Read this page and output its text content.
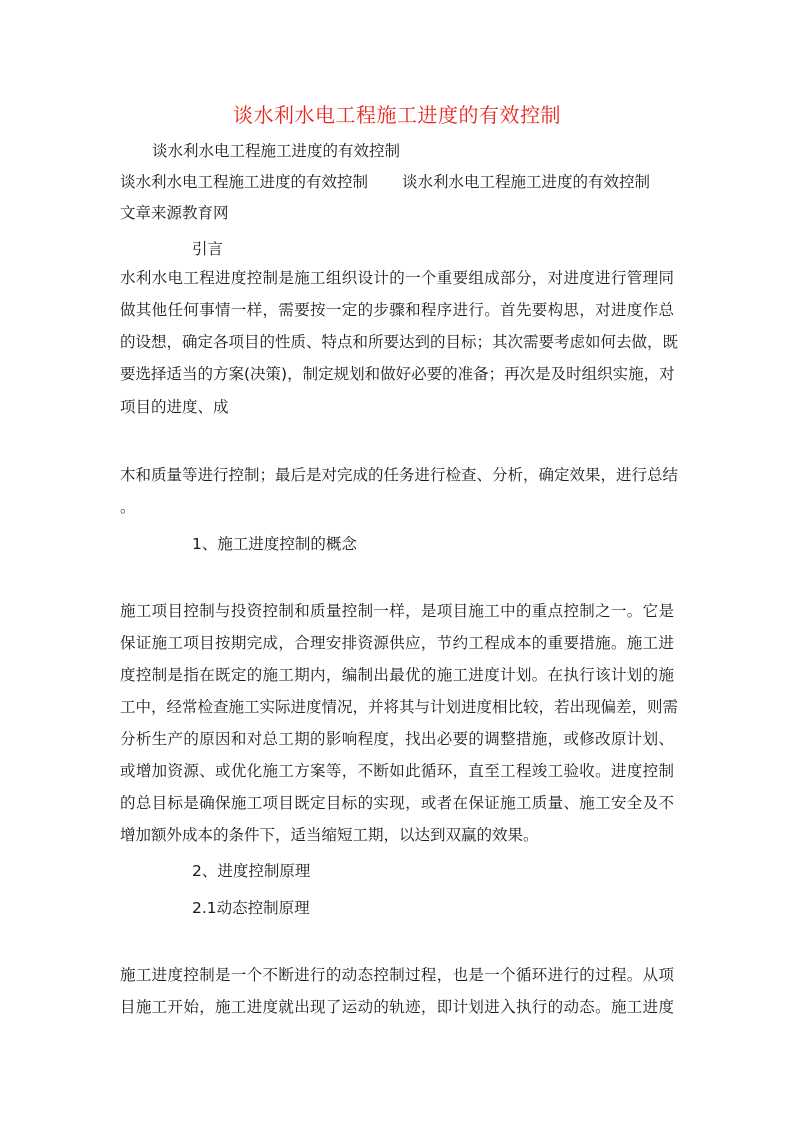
谈水利水电工程施工进度的有效控制
谈水利水电工程施工进度的有效控制
谈水利水电工程施工进度的有效控制 谈水利水电工程施工进度的有效控制
文章来源教育网
引言
水利水电工程进度控制是施工组织设计的一个重要组成部分，对进度进行管理同
做其他任何事情一样，需要按一定的步骤和程序进行。首先要构思，对进度作总
的设想，确定各项目的性质、特点和所要达到的目标；其次需要考虑如何去做，既
要选择适当的方案(决策)，制定规划和做好必要的准备；再次是及时组织实施，对
项目的进度、成
木和质量等进行控制；最后是对完成的任务进行检查、分析，确定效果，进行总结
。
1、施工进度控制的概念
施工项目控制与投资控制和质量控制一样，是项目施工中的重点控制之一。它是
保证施工项目按期完成，合理安排资源供应，节约工程成本的重要措施。施工进
度控制是指在既定的施工期内，编制出最优的施工进度计划。在执行该计划的施
工中，经常检查施工实际进度情况，并将其与计划进度相比较，若出现偏差，则需
分析生产的原因和对总工期的影响程度，找出必要的调整措施，或修改原计划、
或增加资源、或优化施工方案等，不断如此循环，直至工程竣工验收。进度控制
的总目标是确保施工项目既定目标的实现，或者在保证施工质量、施工安全及不
增加额外成本的条件下，适当缩短工期，以达到双赢的效果。
2、进度控制原理
2.1动态控制原理
施工进度控制是一个不断进行的动态控制过程，也是一个循环进行的过程。从项
目施工开始，施工进度就出现了运动的轨迹，即计划进入执行的动态。施工进度
